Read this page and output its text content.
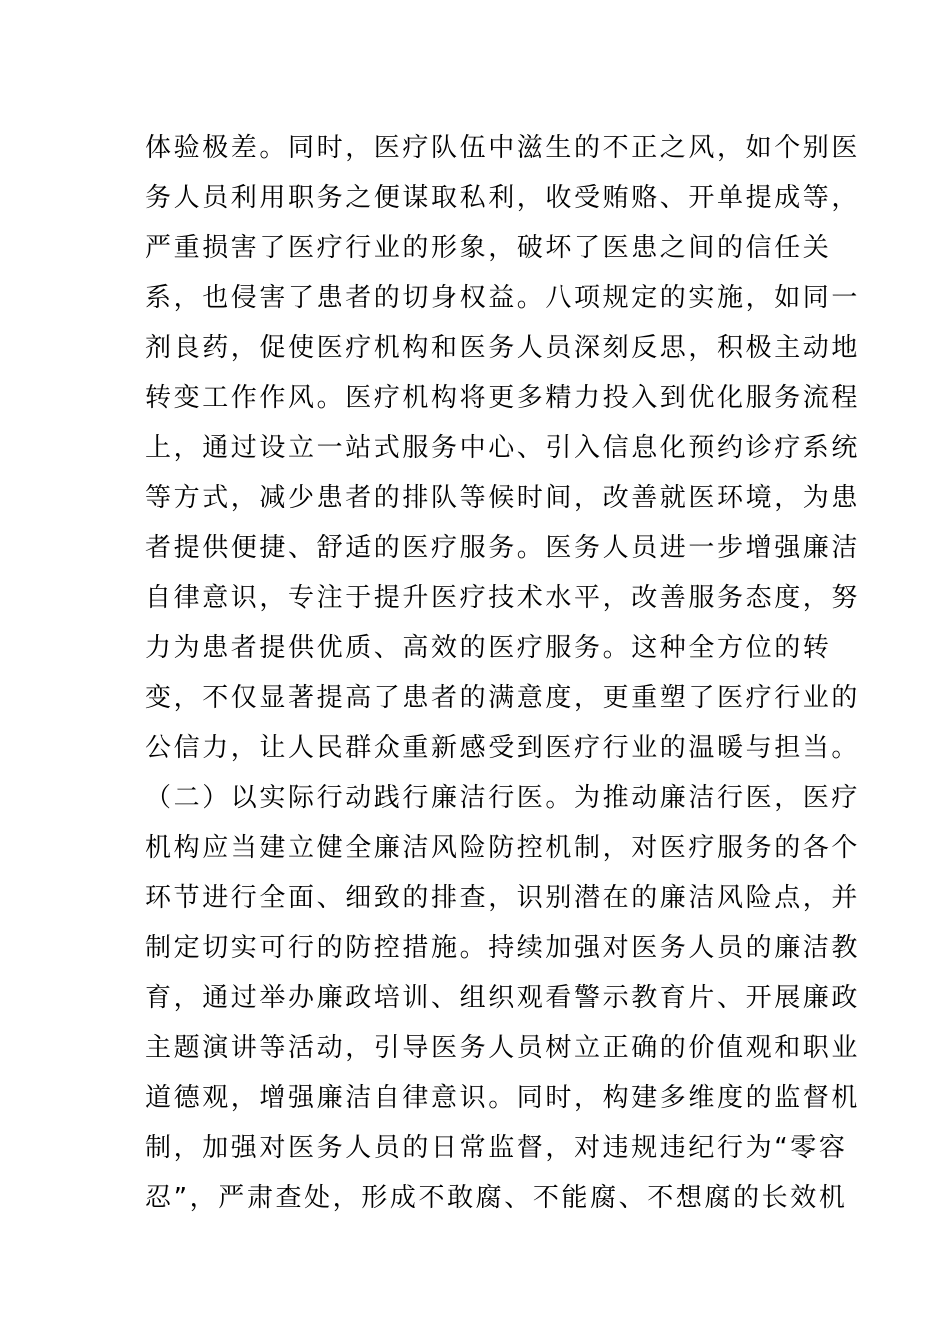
体验极差。同时，医疗队伍中滋生的不正之风，如个别医
务人员利用职务之便谋取私利，收受贿赂、开单提成等，
严重损害了医疗行业的形象，破坏了医患之间的信任关
系，也侵害了患者的切身权益。八项规定的实施，如同一
剂良药，促使医疗机构和医务人员深刻反思，积极主动地
转变工作作风。医疗机构将更多精力投入到优化服务流程
上，通过设立一站式服务中心、引入信息化预约诊疗系统
等方式，减少患者的排队等候时间，改善就医环境，为患
者提供便捷、舒适的医疗服务。医务人员进一步增强廉洁
自律意识，专注于提升医疗技术水平，改善服务态度，努
力为患者提供优质、高效的医疗服务。这种全方位的转
变，不仅显著提高了患者的满意度，更重塑了医疗行业的
公信力，让人民群众重新感受到医疗行业的温暖与担当。
（二）以实际行动践行廉洁行医。为推动廉洁行医，医疗
机构应当建立健全廉洁风险防控机制，对医疗服务的各个
环节进行全面、细致的排查，识别潜在的廉洁风险点，并
制定切实可行的防控措施。持续加强对医务人员的廉洁教
育，通过举办廉政培训、组织观看警示教育片、开展廉政
主题演讲等活动，引导医务人员树立正确的价值观和职业
道德观，增强廉洁自律意识。同时，构建多维度的监督机
制，加强对医务人员的日常监督，对违规违纪行为“零容
忍”，严肃查处，形成不敢腐、不能腐、不想腐的长效机
